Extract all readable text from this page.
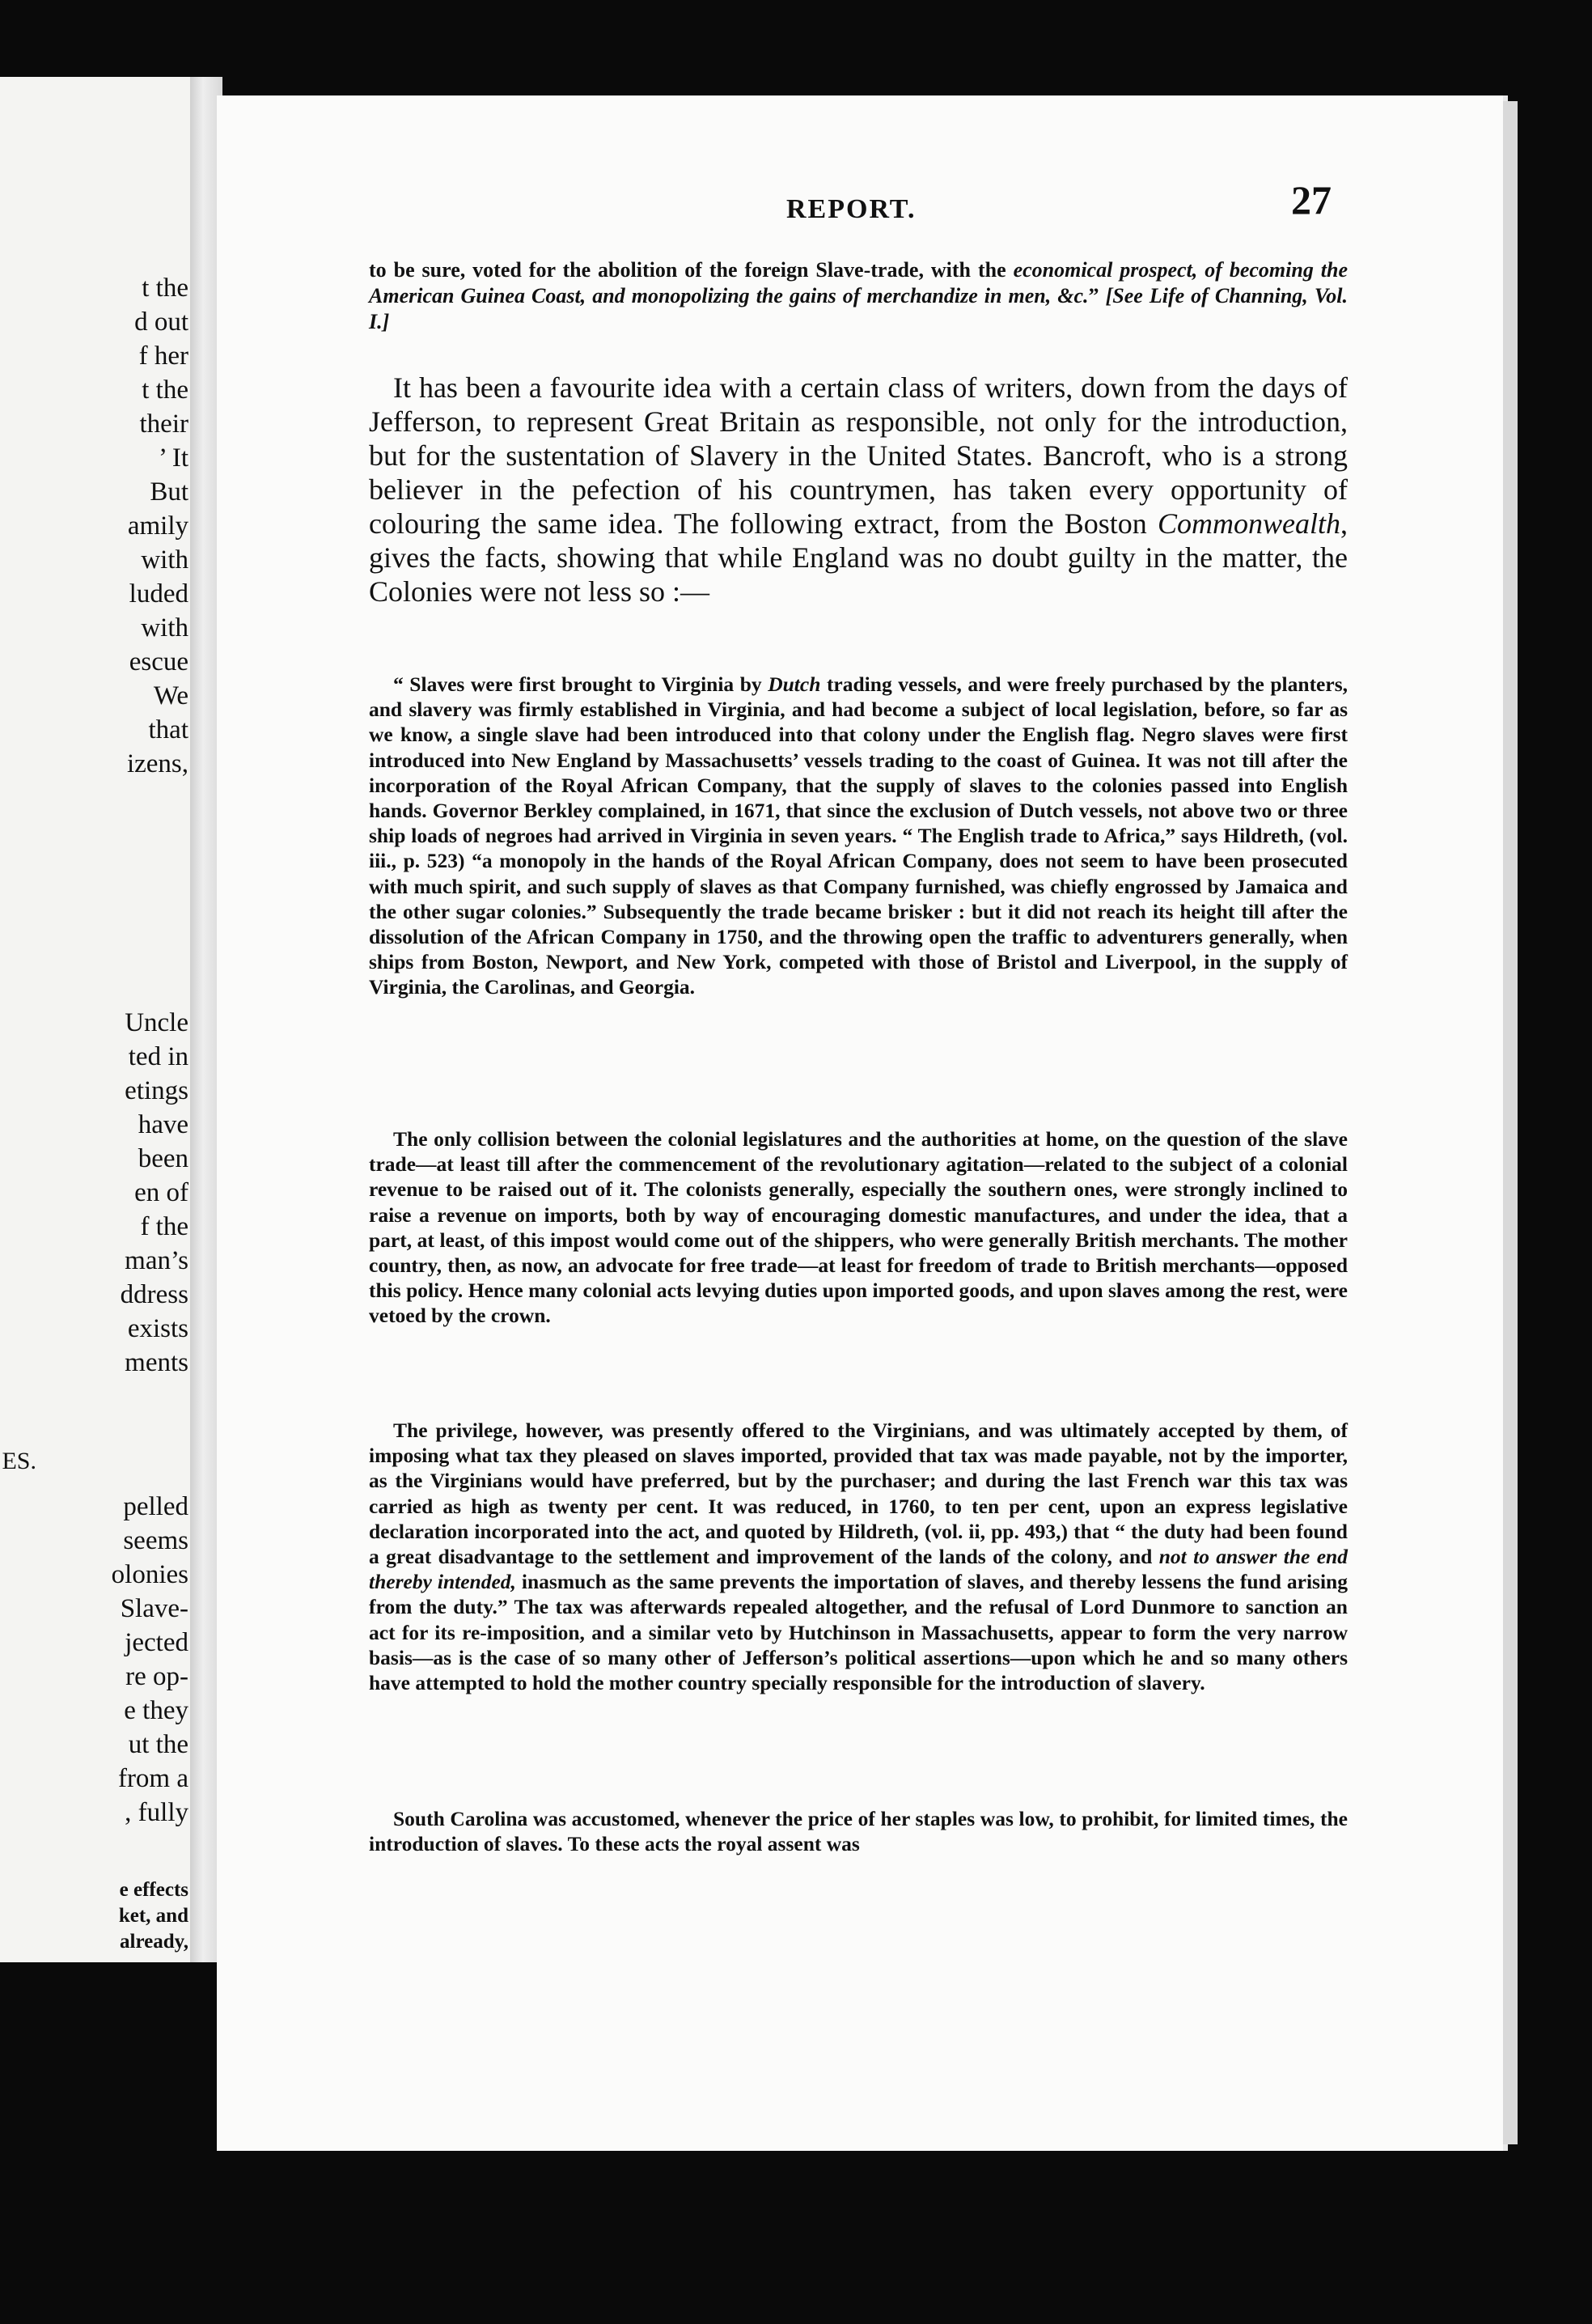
t the
d out
f her
t the
their
’ It
But
amily
with
luded
with
escue
We
that
izens,
Uncle
ted in
etings
have
been
en of
f the
man’s
ddress
exists
ments
ES.
pelled
seems
olonies
Slave-
jected
re op-
e they
ut the
from a
, fully
e effects
ket, and
already,
REPORT.	27
to be sure, voted for the abolition of the foreign Slave-trade, with the economical prospect, of becoming the American Guinea Coast, and monopolizing the gains of merchandize in men, &c.” [See Life of Channing, Vol. I.]
It has been a favourite idea with a certain class of writers, down from the days of Jefferson, to represent Great Britain as responsible, not only for the introduction, but for the sustentation of Slavery in the United States. Bancroft, who is a strong believer in the pefection of his countrymen, has taken every opportunity of colouring the same idea. The following extract, from the Boston Commonwealth, gives the facts, showing that while England was no doubt guilty in the matter, the Colonies were not less so :—
“ Slaves were first brought to Virginia by Dutch trading vessels, and were freely purchased by the planters, and slavery was firmly established in Virginia, and had become a subject of local legislation, before, so far as we know, a single slave had been introduced into that colony under the English flag. Negro slaves were first introduced into New England by Massachusetts’ vessels trading to the coast of Guinea. It was not till after the incorporation of the Royal African Company, that the supply of slaves to the colonies passed into English hands. Governor Berkley complained, in 1671, that since the exclusion of Dutch vessels, not above two or three ship loads of negroes had arrived in Virginia in seven years. “ The English trade to Africa,” says Hildreth, (vol. iii., p. 523) “a monopoly in the hands of the Royal African Company, does not seem to have been prosecuted with much spirit, and such supply of slaves as that Company furnished, was chiefly engrossed by Jamaica and the other sugar colonies.” Subsequently the trade became brisker : but it did not reach its height till after the dissolution of the African Company in 1750, and the throwing open the traffic to adventurers generally, when ships from Boston, Newport, and New York, competed with those of Bristol and Liverpool, in the supply of Virginia, the Carolinas, and Georgia.
The only collision between the colonial legislatures and the authorities at home, on the question of the slave trade—at least till after the commencement of the revolutionary agitation—related to the subject of a colonial revenue to be raised out of it. The colonists generally, especially the southern ones, were strongly inclined to raise a revenue on imports, both by way of encouraging domestic manufactures, and under the idea, that a part, at least, of this impost would come out of the shippers, who were generally British merchants. The mother country, then, as now, an advocate for free trade—at least for freedom of trade to British merchants—opposed this policy. Hence many colonial acts levying duties upon imported goods, and upon slaves among the rest, were vetoed by the crown.
The privilege, however, was presently offered to the Virginians, and was ultimately accepted by them, of imposing what tax they pleased on slaves imported, provided that tax was made payable, not by the importer, as the Virginians would have preferred, but by the purchaser; and during the last French war this tax was carried as high as twenty per cent. It was reduced, in 1760, to ten per cent, upon an express legislative declaration incorporated into the act, and quoted by Hildreth, (vol. ii, pp. 493,) that “ the duty had been found a great disadvantage to the settlement and improvement of the lands of the colony, and not to answer the end thereby intended, inasmuch as the same prevents the importation of slaves, and thereby lessens the fund arising from the duty.” The tax was afterwards repealed altogether, and the refusal of Lord Dunmore to sanction an act for its re-imposition, and a similar veto by Hutchinson in Massachusetts, appear to form the very narrow basis—as is the case of so many other of Jefferson’s political assertions—upon which he and so many others have attempted to hold the mother country specially responsible for the introduction of slavery.
South Carolina was accustomed, whenever the price of her staples was low, to prohibit, for limited times, the introduction of slaves. To these acts the royal assent was
